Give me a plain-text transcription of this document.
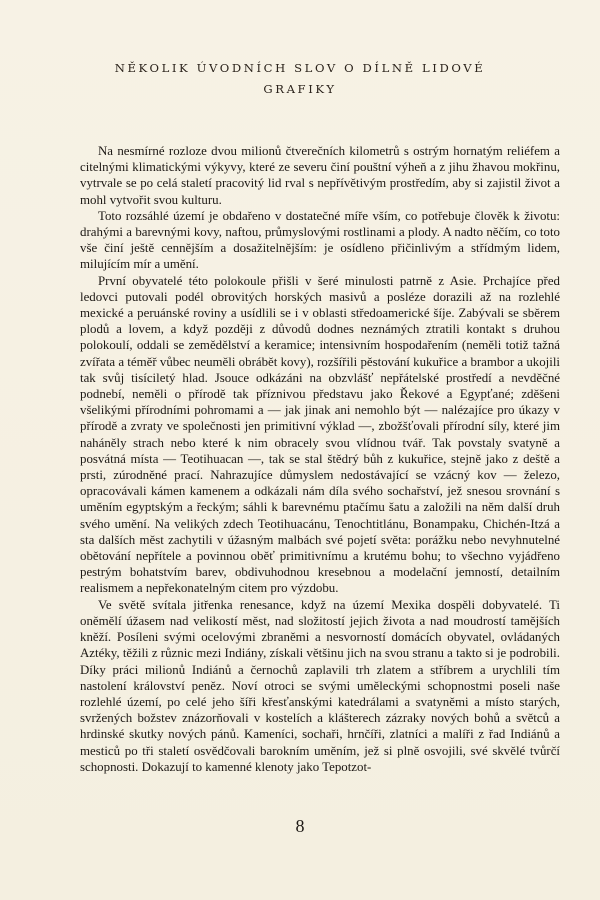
NĚKOLIK ÚVODNÍCH SLOV O DÍLNĚ LIDOVÉ
GRAFIKY

Na nesmírné rozloze dvou milionů čtverečních kilometrů s ostrým hornatým reliéfem a citelnými klimatickými výkyvy, které ze severu činí pouštní výheň a z jihu žhavou mokřinu, vytrvale se po celá staletí pracovitý lid rval s nepřívětivým prostředím, aby si zajistil život a mohl vytvořit svou kulturu.

Toto rozsáhlé území je obdařeno v dostatečné míře vším, co potřebuje člověk k životu: drahými a barevnými kovy, naftou, průmyslovými rostlinami a plody. A nadto něčím, co toto vše činí ještě cennějším a dosažitelnějším: je osídleno přičinlivým a střídmým lidem, milujícím mír a umění.

První obyvatelé této polokoule přišli v šeré minulosti patrně z Asie. Prchajíce před ledovci putovali podél obrovitých horských masivů a posléze dorazili až na rozlehlé mexické a peruánské roviny a usídlili se i v oblasti středoamerické šíje. Zabývali se sběrem plodů a lovem, a když později z důvodů dodnes neznámých ztratili kontakt s druhou polokoulí, oddali se zemědělství a keramice; intensivním hospodařením (neměli totiž tažná zvířata a téměř vůbec neuměli obrábět kovy), rozšířili pěstování kukuřice a brambor a ukojili tak svůj tisíciletý hlad. Jsouce odkázáni na obzvlášť nepřátelské prostředí a nevděčné podnebí, neměli o přírodě tak příznivou představu jako Řekové a Egypťané; zděšeni všelikými přírodními pohromami a — jak jinak ani nemohlo být — nalézajíce pro úkazy v přírodě a zvraty ve společnosti jen primitivní výklad —, zbožšťovali přírodní síly, které jim naháněly strach nebo které k nim obracely svou vlídnou tvář. Tak povstaly svatyně a posvátná místa — Teotihuacan —, tak se stal štědrý bůh z kukuřice, stejně jako z deště a prsti, zúrodněné prací. Nahrazujíce důmyslem nedostávající se vzácný kov — železo, opracovávali kámen kamenem a odkázali nám díla svého sochařství, jež snesou srovnání s uměním egyptským a řeckým; sáhli k barevnému ptačímu šatu a založili na něm další druh svého umění. Na velikých zdech Teotihuacánu, Tenochtitlánu, Bonampaku, Chichén-Itzá a sta dalších měst zachytili v úžasným malbách své pojetí světa: porážku nebo nevyhnutelné obětování nepřítele a povinnou oběť primitivnímu a krutému bohu; to všechno vyjádřeno pestrým bohatstvím barev, obdivuhodnou kresebnou a modelační jemností, detailním realismem a nepřekonatelným citem pro výzdobu.

Ve světě svítala jitřenka renesance, když na území Mexika dospěli dobyvatelé. Ti oněmělí úžasem nad velikostí měst, nad složitostí jejich života a nad moudrostí tamějších kněží. Posíleni svými ocelovými zbraněmi a nesvorností domácích obyvatel, ovládaných Aztéky, těžili z různic mezi Indiány, získali většinu jich na svou stranu a takto si je podrobili. Díky práci milionů Indiánů a černochů zaplavili trh zlatem a stříbrem a urychlili tím nastolení království peněz. Noví otroci se svými uměleckými schopnostmi poseli naše rozlehlé území, po celé jeho šíři křesťanskými katedrálami a svatyněmi a místo starých, svržených božstev znázorňovali v kostelích a klášterech zázraky nových bohů a světců a hrdinské skutky nových pánů. Kameníci, sochaři, hrnčíři, zlatníci a malíři z řad Indiánů a mesticů po tři staletí osvědčovali barokním uměním, jež si plně osvojili, své skvělé tvůrčí schopnosti. Dokazují to kamenné klenoty jako Tepotzot-

8
